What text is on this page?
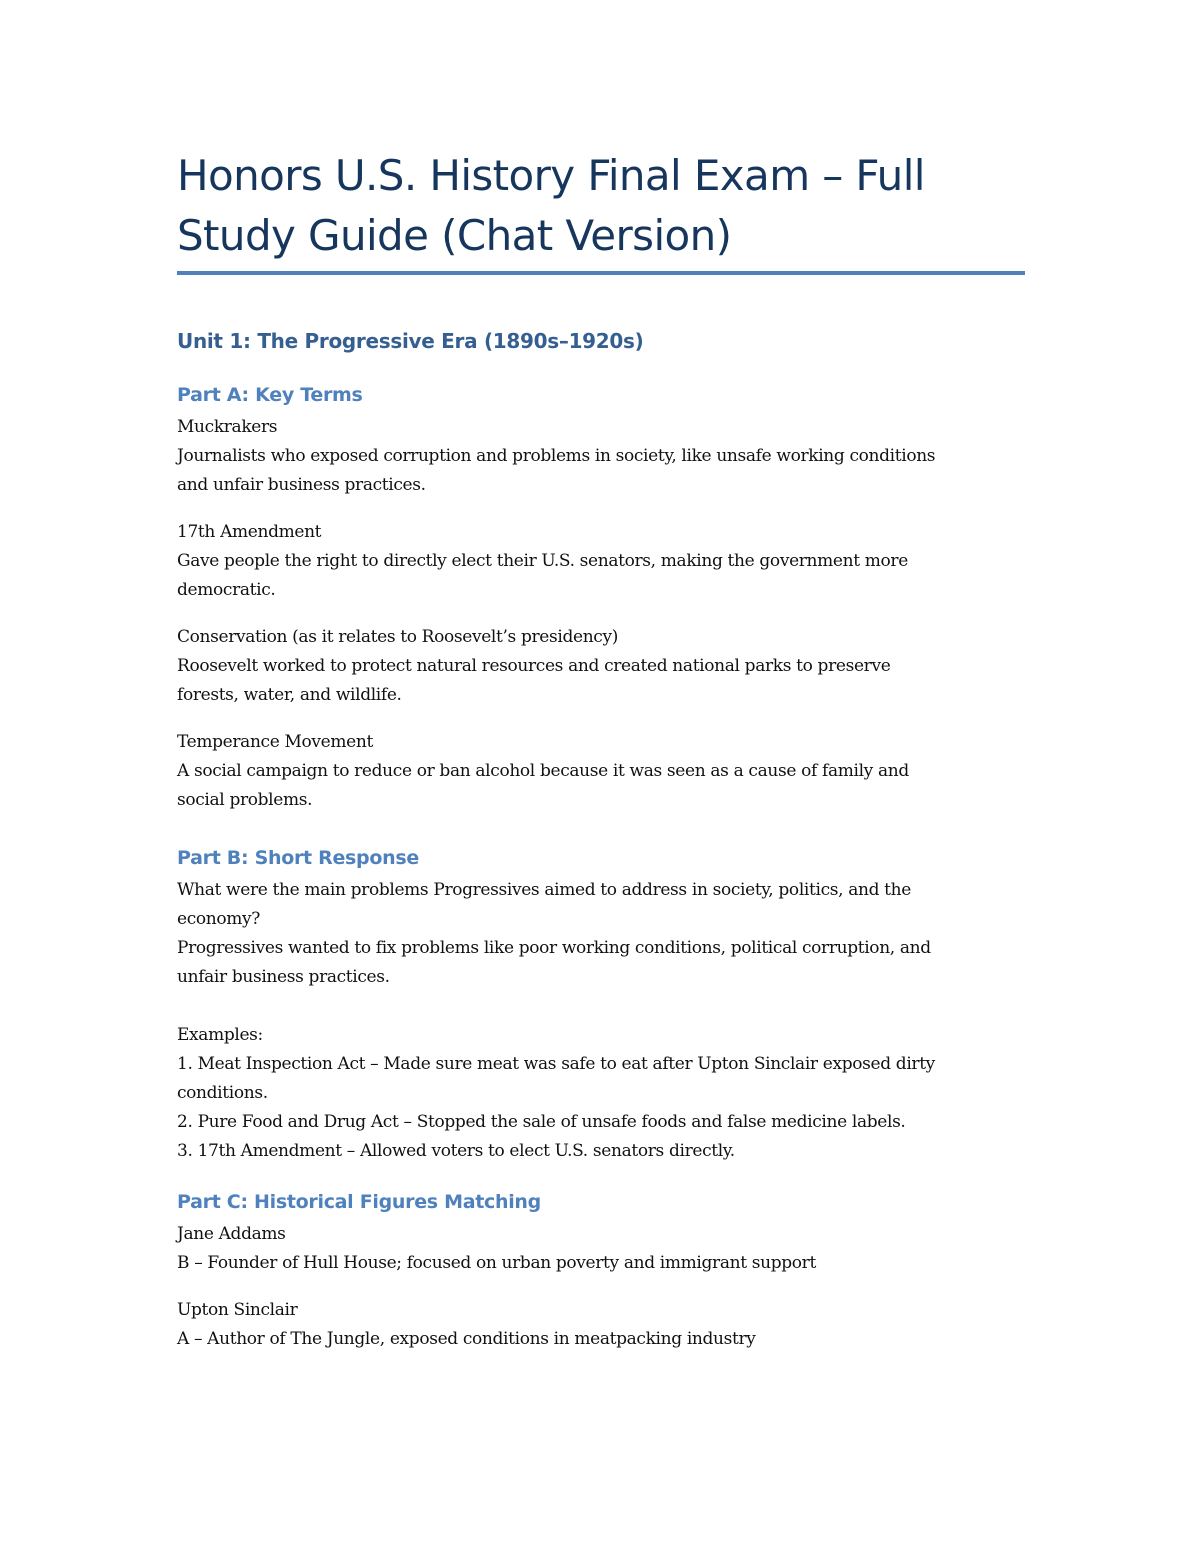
Honors U.S. History Final Exam – Full
Study Guide (Chat Version)
Unit 1: The Progressive Era (1890s–1920s)
Part A: Key Terms
Muckrakers
Journalists who exposed corruption and problems in society, like unsafe working conditions
and unfair business practices.
17th Amendment
Gave people the right to directly elect their U.S. senators, making the government more
democratic.
Conservation (as it relates to Roosevelt’s presidency)
Roosevelt worked to protect natural resources and created national parks to preserve
forests, water, and wildlife.
Temperance Movement
A social campaign to reduce or ban alcohol because it was seen as a cause of family and
social problems.
Part B: Short Response
What were the main problems Progressives aimed to address in society, politics, and the
economy?
Progressives wanted to fix problems like poor working conditions, political corruption, and
unfair business practices.
Examples:
1. Meat Inspection Act – Made sure meat was safe to eat after Upton Sinclair exposed dirty
conditions.
2. Pure Food and Drug Act – Stopped the sale of unsafe foods and false medicine labels.
3. 17th Amendment – Allowed voters to elect U.S. senators directly.
Part C: Historical Figures Matching
Jane Addams
B – Founder of Hull House; focused on urban poverty and immigrant support
Upton Sinclair
A – Author of The Jungle, exposed conditions in meatpacking industry
